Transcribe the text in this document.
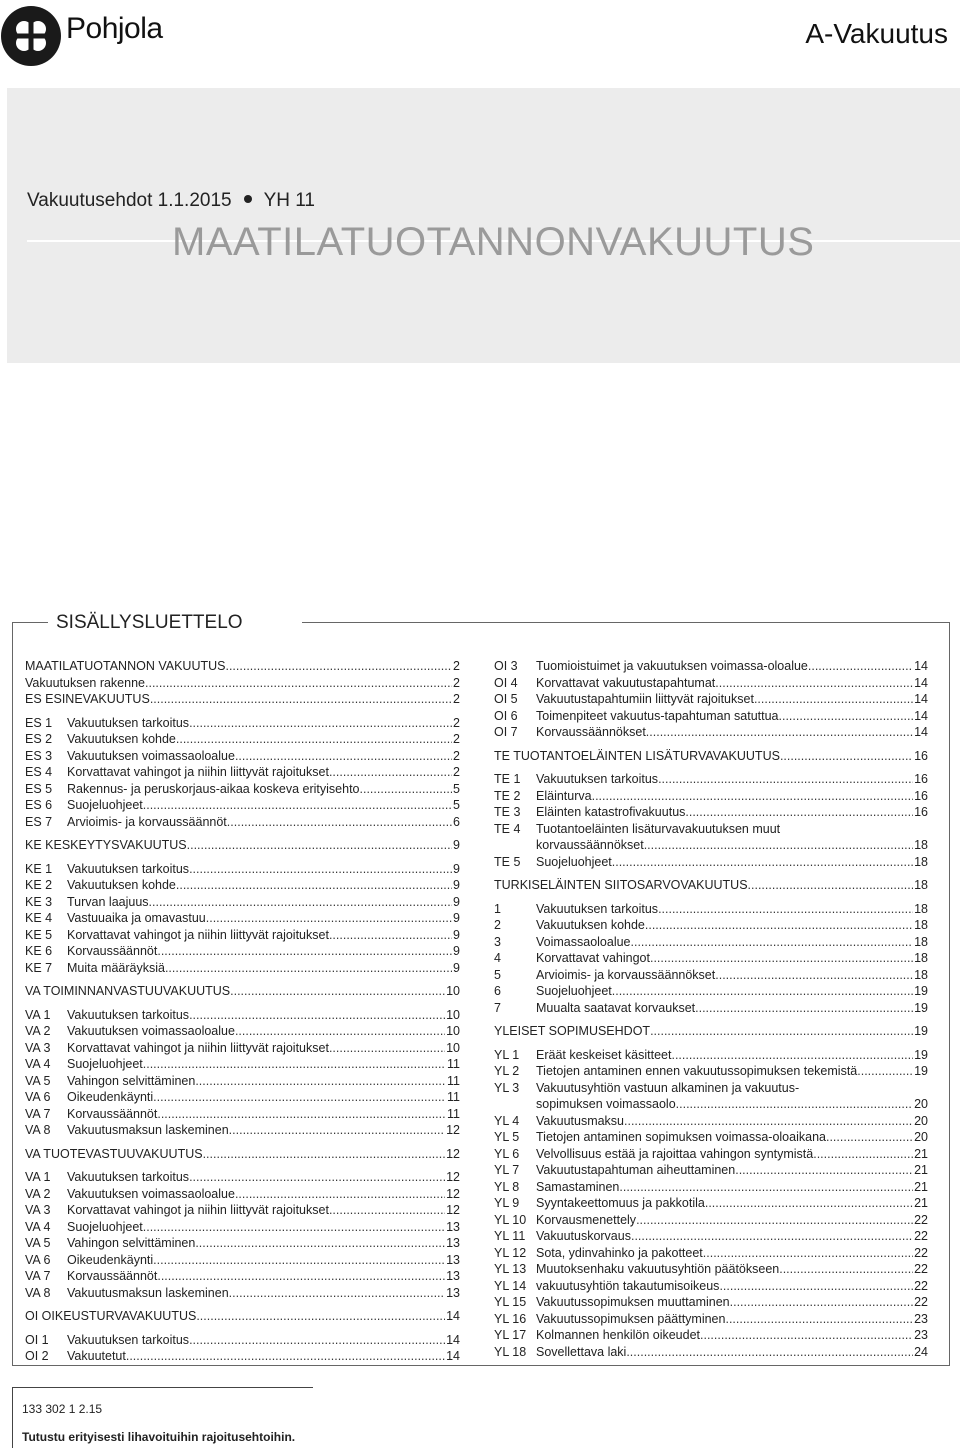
Pohjola	A-Vakuutus
Vakuutusehdot 1.1.2015 YH 11
MAATILATUOTANNONVAKUUTUS
SISÄLLYSLUETTELO
MAATILATUOTANNON VAKUUTUS .....	2
Vakuutuksen rakenne .....	2
ES ESINEVAKUUTUS .....	2
ES 1	Vakuutuksen tarkoitus .....	2
ES 2	Vakuutuksen kohde .....	2
ES 3	Vakuutuksen voimassaoloalue .....	2
ES 4	Korvattavat vahingot ja niihin liittyvät rajoitukset .....	2
ES 5	Rakennus- ja peruskorjaus-aikaa koskeva erityisehto .....	5
ES 6	Suojeluohjeet .....	5
ES 7	Arvioimis- ja korvaussäännöt .....	6
KE KESKEYTYSVAKUUTUS .....	9
KE 1	Vakuutuksen tarkoitus .....	9
KE 2	Vakuutuksen kohde .....	9
KE 3	Turvan laajuus .....	9
KE 4	Vastuuaika ja omavastuu .....	9
KE 5	Korvattavat vahingot ja niihin liittyvät rajoitukset .....	9
KE 6	Korvaussäännöt .....	9
KE 7	Muita määräyksiä .....	9
VA TOIMINNANVASTUUVAKUUTUS .....	10
VA 1	Vakuutuksen tarkoitus .....	10
VA 2	Vakuutuksen voimassaoloalue .....	10
VA 3	Korvattavat vahingot ja niihin liittyvät rajoitukset .....	10
VA 4	Suojeluohjeet .....	11
VA 5	Vahingon selvittäminen .....	11
VA 6	Oikeudenkäynti .....	11
VA 7	Korvaussäännöt .....	11
VA 8	Vakuutusmaksun laskeminen .....	12
VA TUOTEVASTUUVAKUUTUS .....	12
VA 1	Vakuutuksen tarkoitus .....	12
VA 2	Vakuutuksen voimassaoloalue .....	12
VA 3	Korvattavat vahingot ja niihin liittyvät rajoitukset .....	12
VA 4	Suojeluohjeet .....	13
VA 5	Vahingon selvittäminen .....	13
VA 6	Oikeudenkäynti .....	13
VA 7	Korvaussäännöt .....	13
VA 8	Vakuutusmaksun laskeminen .....	13
OI OIKEUSTURVAVAKUUTUS .....	14
OI 1	Vakuutuksen tarkoitus .....	14
OI 2	Vakuutetut .....	14
OI 3	Tuomioistuimet ja vakuutuksen voimassa-oloalue .....	14
OI 4	Korvattavat vakuutustapahtumat .....	14
OI 5	Vakuutustapahtumiin liittyvät rajoitukset .....	14
OI 6	Toimenpiteet vakuutus-tapahtuman satuttua .....	14
OI 7	Korvaussäännökset .....	14
TE TUOTANTOELÄINTEN LISÄTURVAVAKUUTUS .....	16
TE 1	Vakuutuksen tarkoitus .....	16
TE 2	Eläinturva .....	16
TE 3	Eläinten katastrofivakuutus .....	16
TE 4	Tuotantoeläinten lisäturvavakuutuksen muut
korvaussäännökset .....	18
TE 5	Suojeluohjeet .....	18
TURKISELÄINTEN SIITOSARVOVAKUUTUS .....	18
1	Vakuutuksen tarkoitus .....	18
2	Vakuutuksen kohde .....	18
3	Voimassaoloalue .....	18
4	Korvattavat vahingot .....	18
5	Arvioimis- ja korvaussäännökset .....	18
6	Suojeluohjeet .....	19
7	Muualta saatavat korvaukset .....	19
YLEISET SOPIMUSEHDOT .....	19
YL 1	Eräät keskeiset käsitteet .....	19
YL 2	Tietojen antaminen ennen vakuutussopimuksen tekemistä .....	19
YL 3	Vakuutusyhtiön vastuun alkaminen ja vakuutus-
sopimuksen voimassaolo .....	20
YL 4	Vakuutusmaksu .....	20
YL 5	Tietojen antaminen sopimuksen voimassa-oloaikana .....	20
YL 6	Velvollisuus estää ja rajoittaa vahingon syntymistä .....	21
YL 7	Vakuutustapahtuman aiheuttaminen .....	21
YL 8	Samastaminen .....	21
YL 9	Syyntakeettomuus ja pakkotila .....	21
YL 10 Korvausmenettely .....	22
YL 11 Vakuutuskorvaus .....	22
YL 12 Sota, ydinvahinko ja pakotteet .....	22
YL 13 Muutoksenhaku vakuutusyhtiön päätökseen .....	22
YL 14 vakuutusyhtiön takautumisoikeus .....	22
YL 15 Vakuutussopimuksen muuttaminen .....	22
YL 16 Vakuutussopimuksen päättyminen .....	23
YL 17 Kolmannen henkilön oikeudet .....	23
YL 18 Sovellettava laki .....	24
133 302 1 2.15
Tutustu erityisesti lihavoituihin rajoitusehtoihin.
